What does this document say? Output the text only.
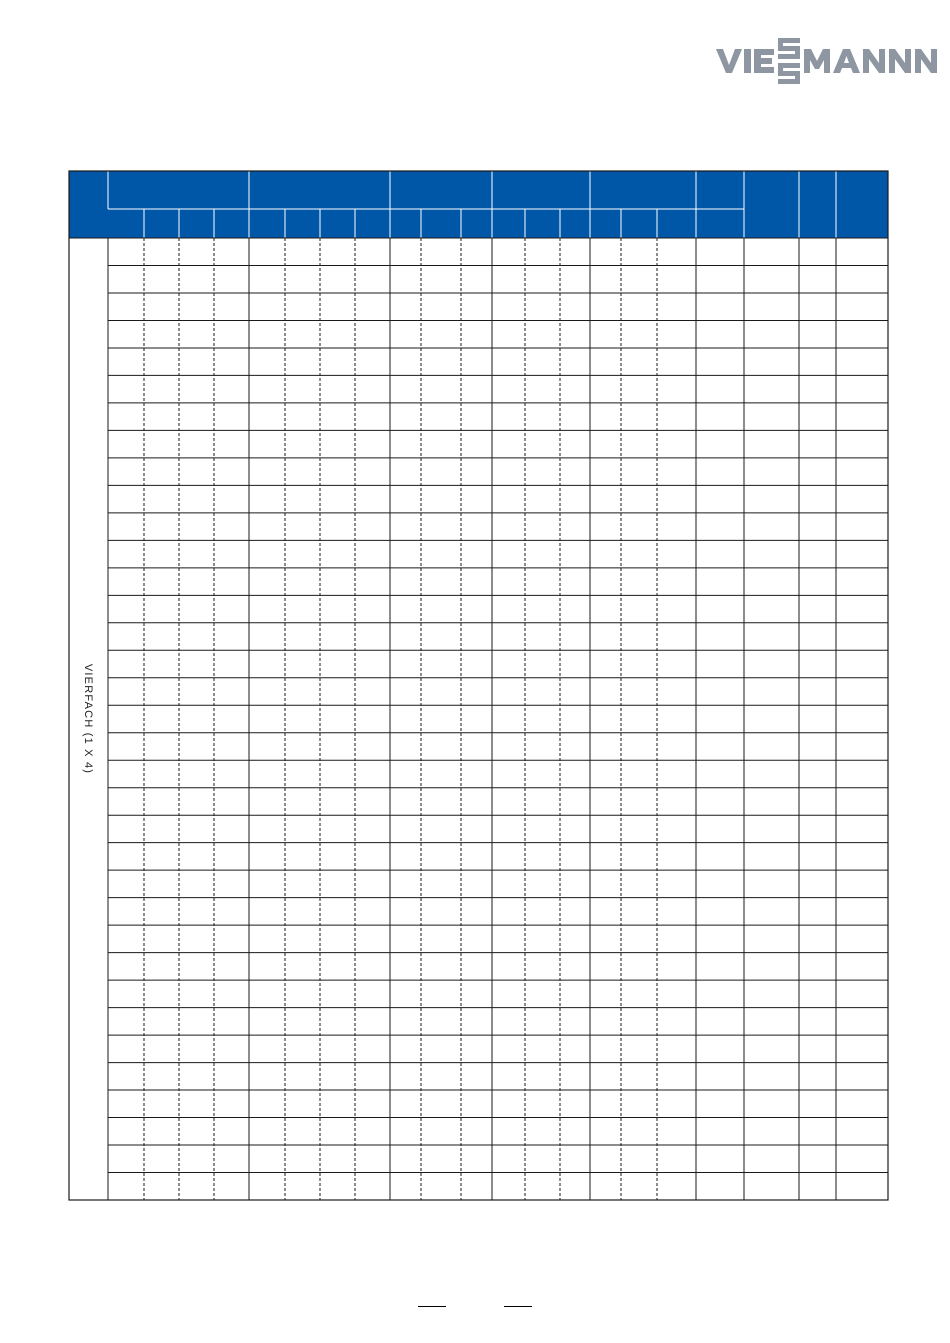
VIERFACH (1 X 4)
